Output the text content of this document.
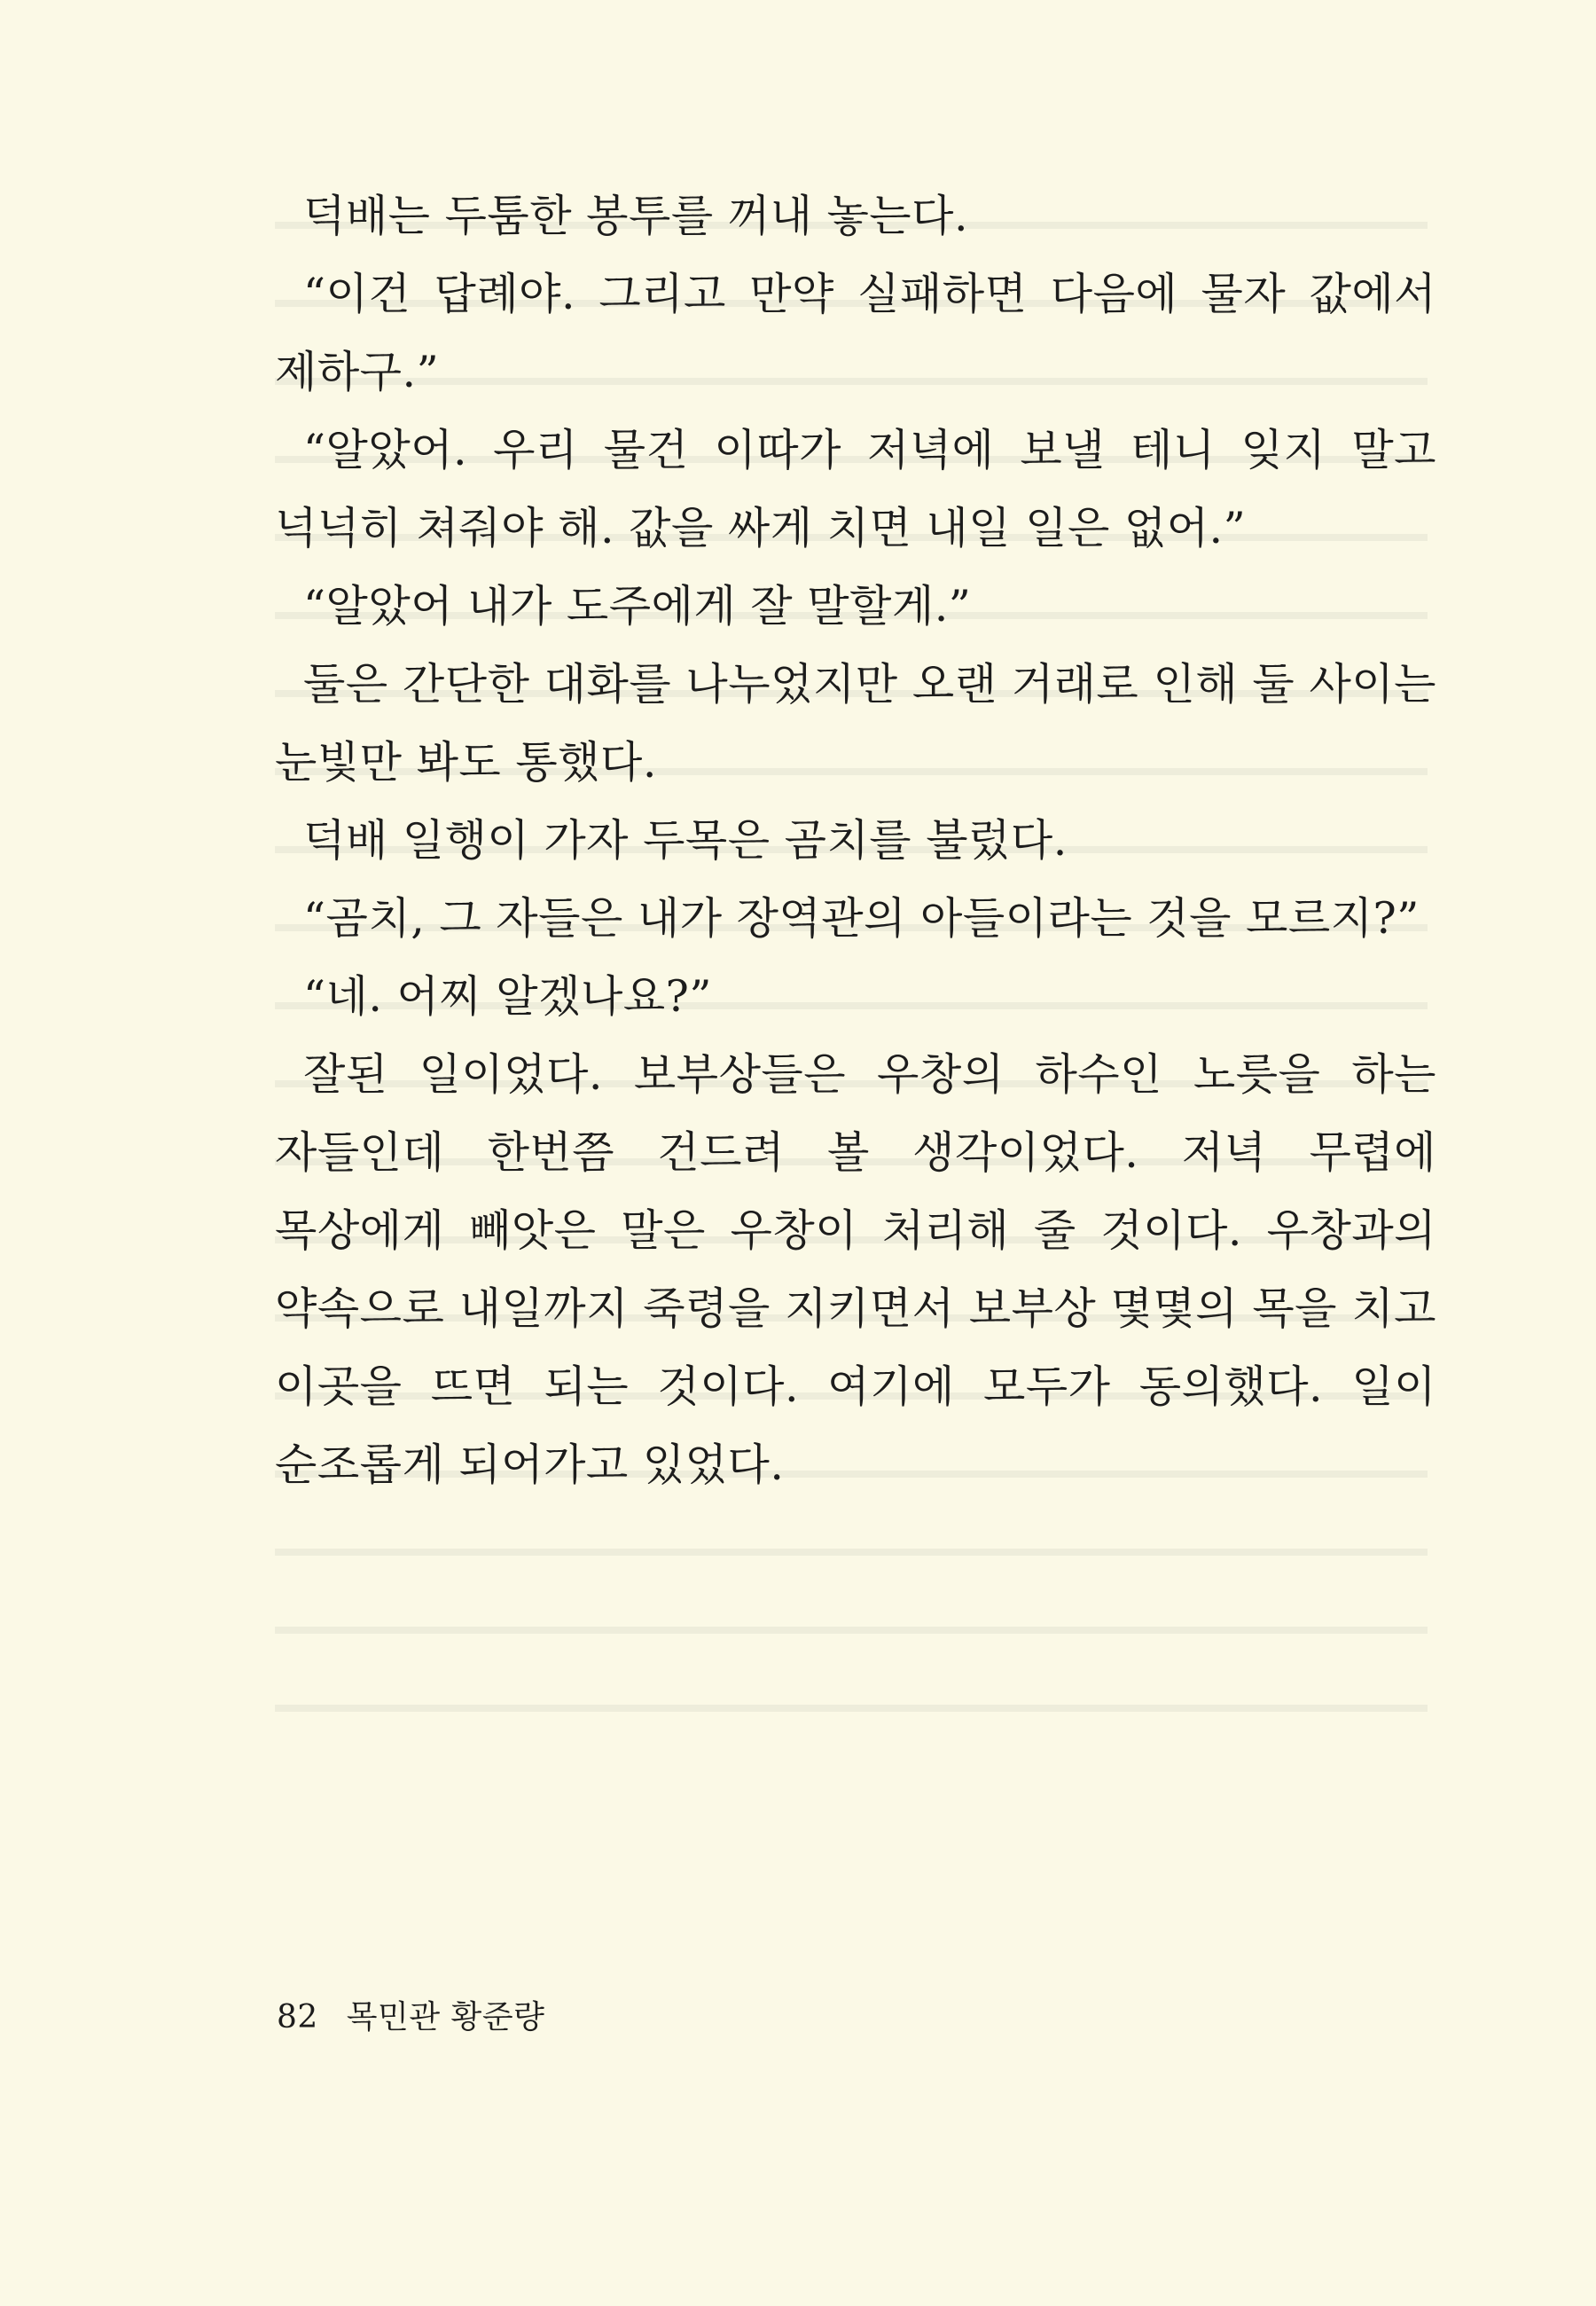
덕배는 두툼한 봉투를 꺼내 놓는다.

“이건 답례야. 그리고 만약 실패하면 다음에 물자 값에서 제하구.”

“알았어. 우리 물건 이따가 저녁에 보낼 테니 잊지 말고 넉넉히 쳐줘야 해. 값을 싸게 치면 내일 일은 없어.”

“알았어 내가 도주에게 잘 말할게.”

둘은 간단한 대화를 나누었지만 오랜 거래로 인해 둘 사이는 눈빛만 봐도 통했다.

덕배 일행이 가자 두목은 곰치를 불렀다.

“곰치, 그 자들은 내가 장역관의 아들이라는 것을 모르지?”

“네. 어찌 알겠나요?”

잘된 일이었다. 보부상들은 우창의 하수인 노릇을 하는 자들인데 한번쯤 건드려 볼 생각이었다. 저녁 무렵에 목상에게 빼앗은 말은 우창이 처리해 줄 것이다. 우창과의 약속으로 내일까지 죽령을 지키면서 보부상 몇몇의 목을 치고 이곳을 뜨면 되는 것이다. 여기에 모두가 동의했다. 일이 순조롭게 되어가고 있었다.

82 목민관 황준량
